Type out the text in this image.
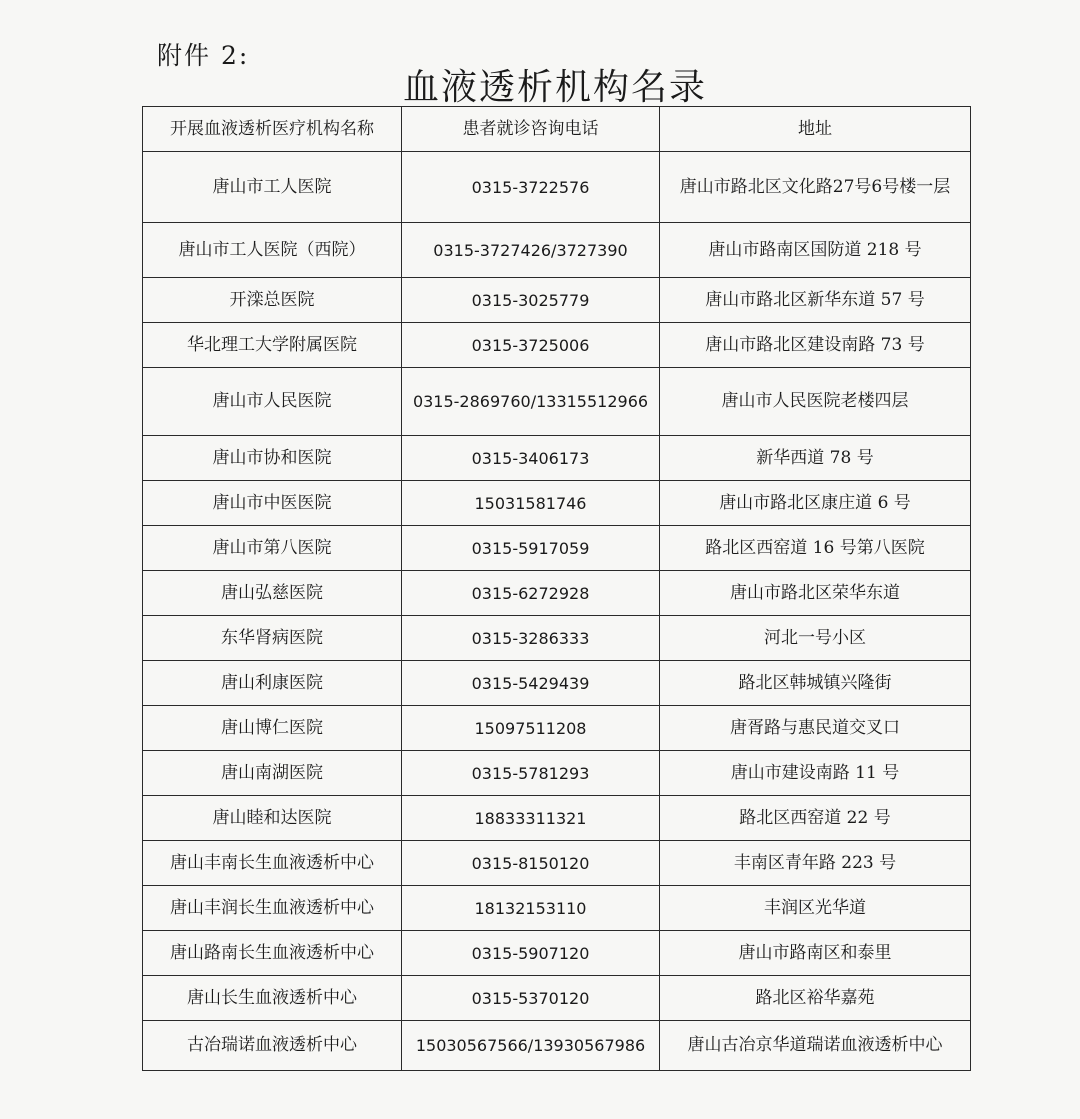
附件 2:
血液透析机构名录
开展血液透析医疗机构名称	患者就诊咨询电话	地址
唐山市工人医院	0315-3722576	唐山市路北区文化路27号6号楼一层
唐山市工人医院（西院）	0315-3727426/3727390	唐山市路南区国防道 218 号
开滦总医院	0315-3025779	唐山市路北区新华东道 57 号
华北理工大学附属医院	0315-3725006	唐山市路北区建设南路 73 号
唐山市人民医院	0315-2869760/13315512966	唐山市人民医院老楼四层
唐山市协和医院	0315-3406173	新华西道 78 号
唐山市中医医院	15031581746	唐山市路北区康庄道 6 号
唐山市第八医院	0315-5917059	路北区西窑道 16 号第八医院
唐山弘慈医院	0315-6272928	唐山市路北区荣华东道
东华肾病医院	0315-3286333	河北一号小区
唐山利康医院	0315-5429439	路北区韩城镇兴隆街
唐山博仁医院	15097511208	唐胥路与惠民道交叉口
唐山南湖医院	0315-5781293	唐山市建设南路 11 号
唐山睦和达医院	18833311321	路北区西窑道 22 号
唐山丰南长生血液透析中心	0315-8150120	丰南区青年路 223 号
唐山丰润长生血液透析中心	18132153110	丰润区光华道
唐山路南长生血液透析中心	0315-5907120	唐山市路南区和泰里
唐山长生血液透析中心	0315-5370120	路北区裕华嘉苑
古冶瑞诺血液透析中心	15030567566/13930567986	唐山古冶京华道瑞诺血液透析中心
